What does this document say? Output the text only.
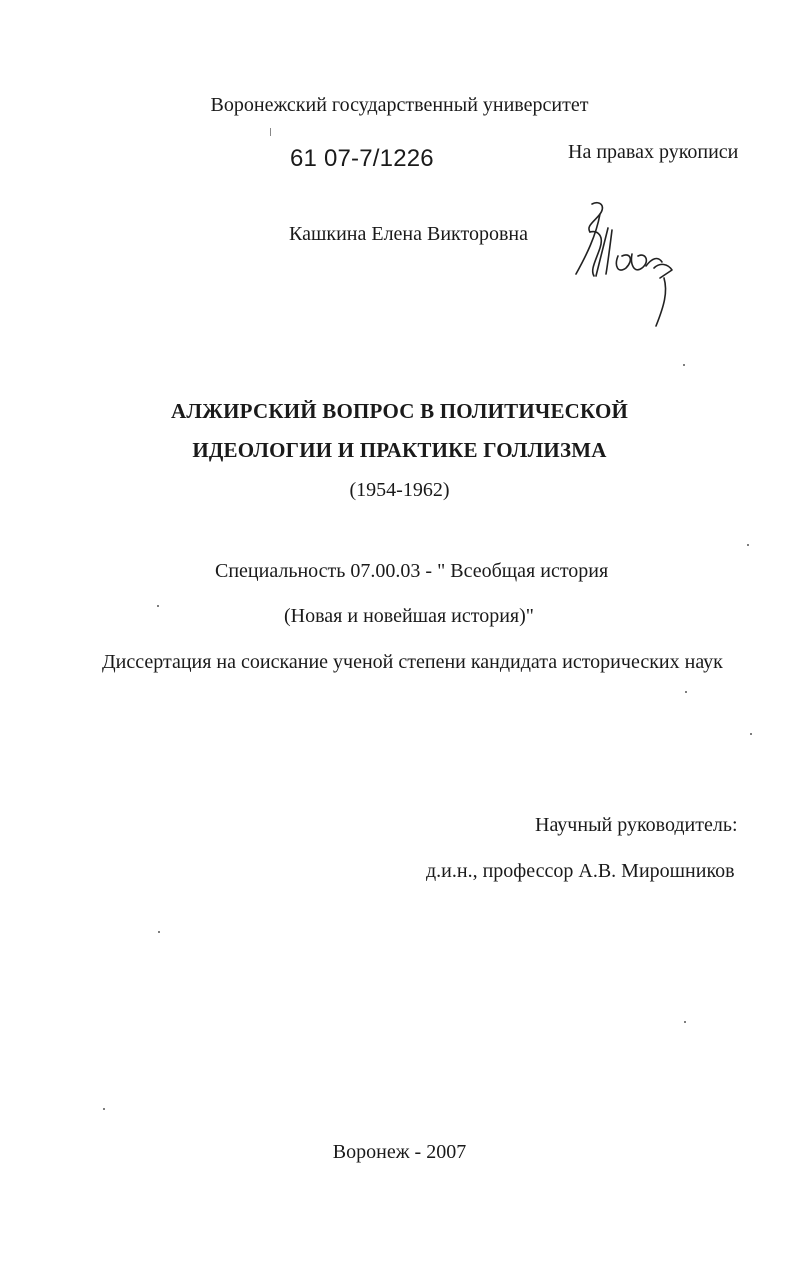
Воронежский государственный университет
61 07-7/1226	На правах рукописи
Кашкина Елена Викторовна
АЛЖИРСКИЙ ВОПРОС В ПОЛИТИЧЕСКОЙ
ИДЕОЛОГИИ И ПРАКТИКЕ ГОЛЛИЗМА
(1954-1962)
Специальность 07.00.03 - " Всеобщая история
(Новая и новейшая история)"
Диссертация на соискание ученой степени кандидата исторических наук
Научный руководитель:
д.и.н., профессор А.В. Мирошников
Воронеж - 2007
